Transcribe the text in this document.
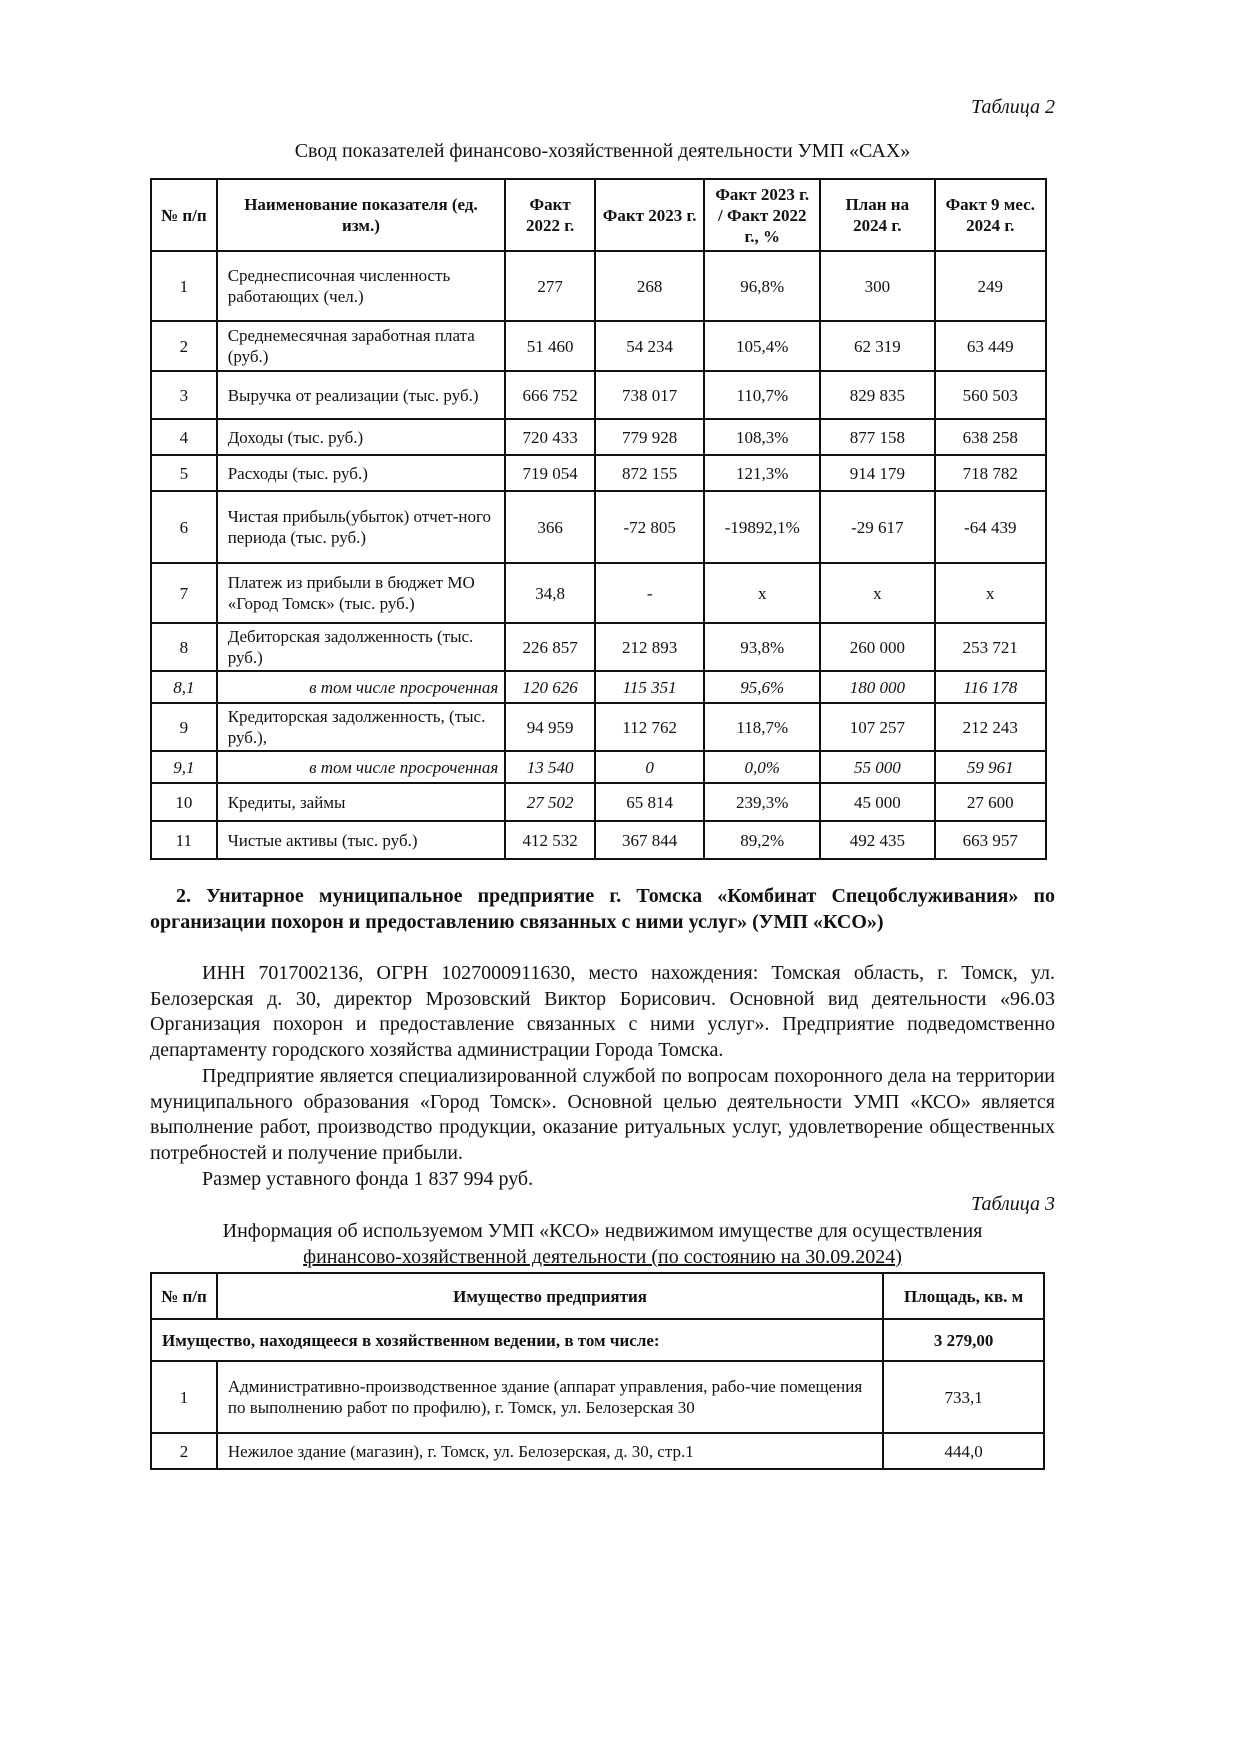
Таблица 2
Свод показателей финансово-хозяйственной деятельности УМП «САХ»
№ п/п	Наименование показателя (ед. изм.)	Факт 2022 г.	Факт 2023 г.	Факт 2023 г. / Факт 2022 г., %	План на 2024 г.	Факт 9 мес. 2024 г.
1	Среднесписочная численность работающих (чел.)	277	268	96,8%	300	249
2	Среднемесячная заработная плата (руб.)	51 460	54 234	105,4%	62 319	63 449
3	Выручка от реализации (тыс. руб.)	666 752	738 017	110,7%	829 835	560 503
4	Доходы (тыс. руб.)	720 433	779 928	108,3%	877 158	638 258
5	Расходы (тыс. руб.)	719 054	872 155	121,3%	914 179	718 782
6	Чистая прибыль(убыток) отчет-ного периода (тыс. руб.)	366	-72 805	-19892,1%	-29 617	-64 439
7	Платеж из прибыли в бюджет МО «Город Томск» (тыс. руб.)	34,8	-	x	x	x
8	Дебиторская задолженность (тыс. руб.)	226 857	212 893	93,8%	260 000	253 721
8,1	в том числе просроченная	120 626	115 351	95,6%	180 000	116 178
9	Кредиторская задолженность, (тыс. руб.),	94 959	112 762	118,7%	107 257	212 243
9,1	в том числе просроченная	13 540	0	0,0%	55 000	59 961
10	Кредиты, займы	27 502	65 814	239,3%	45 000	27 600
11	Чистые активы (тыс. руб.)	412 532	367 844	89,2%	492 435	663 957
2. Унитарное муниципальное предприятие г. Томска «Комбинат Спецобслуживания» по организации похорон и предоставлению связанных с ними услуг» (УМП «КСО»)
ИНН 7017002136, ОГРН 1027000911630, место нахождения: Томская область, г. Томск, ул. Белозерская д. 30, директор Мрозовский Виктор Борисович. Основной вид деятельности «96.03 Организация похорон и предоставление связанных с ними услуг». Предприятие подведомственно департаменту городского хозяйства администрации Города Томска.
Предприятие является специализированной службой по вопросам похоронного дела на территории муниципального образования «Город Томск». Основной целью деятельности УМП «КСО» является выполнение работ, производство продукции, оказание ритуальных услуг, удовлетворение общественных потребностей и получение прибыли.
Размер уставного фонда 1 837 994 руб.
Таблица 3
Информация об используемом УМП «КСО» недвижимом имуществе для осуществления
финансово-хозяйственной деятельности (по состоянию на 30.09.2024)
№ п/п	Имущество предприятия	Площадь, кв. м
Имущество, находящееся в хозяйственном ведении, в том числе:		3 279,00
1	Административно-производственное здание (аппарат управления, рабо-чие помещения по выполнению работ по профилю), г. Томск, ул. Белозерская 30	733,1
2	Нежилое здание (магазин), г. Томск, ул. Белозерская, д. 30, стр.1	444,0
